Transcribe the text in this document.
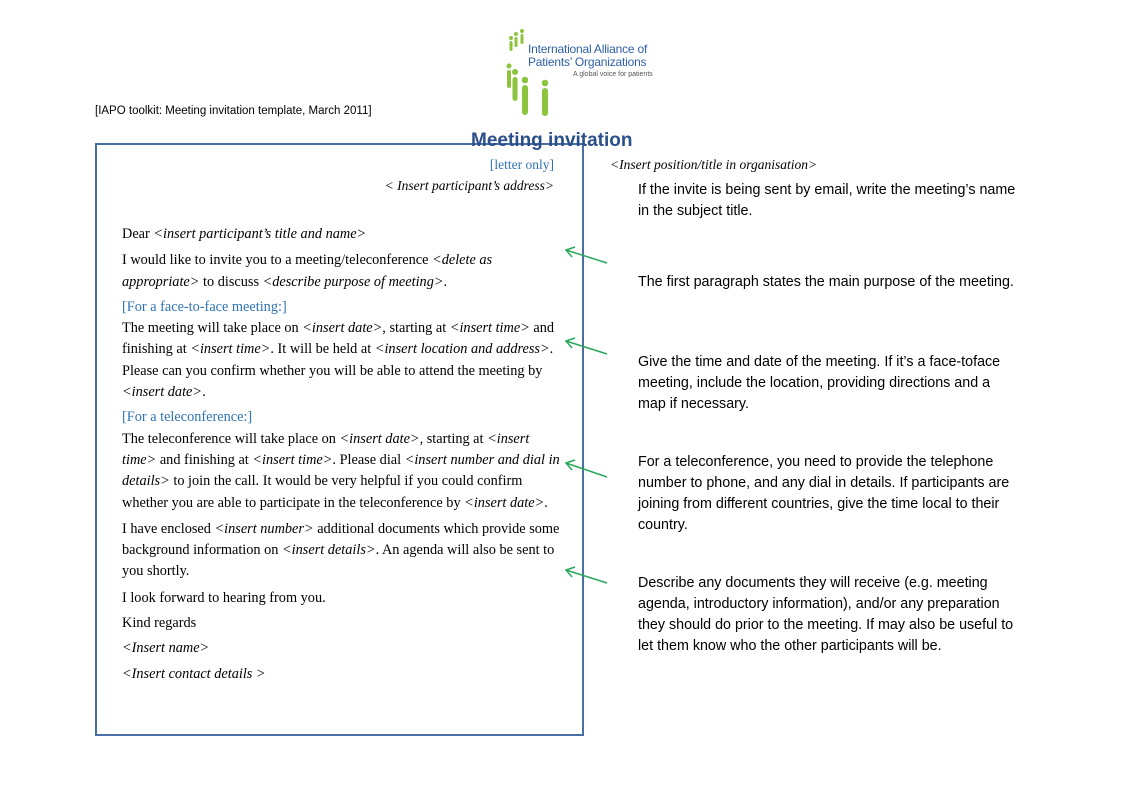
International Alliance of
Patients’ Organizations
A global voice for patients
[IAPO toolkit: Meeting invitation template, March 2011]
Meeting invitation
[letter only]	<Insert position/title in organisation>
< Insert participant’s address>

Dear <insert participant’s title and name>

I would like to invite you to a meeting/teleconference <delete as appropriate> to discuss <describe purpose of meeting>.

[For a face-to-face meeting:]

The meeting will take place on <insert date>, starting at <insert time> and finishing at <insert time>. It will be held at <insert location and address>. Please can you confirm whether you will be able to attend the meeting by <insert date>.

[For a teleconference:]

The teleconference will take place on <insert date>, starting at <insert time> and finishing at <insert time>. Please dial <insert number and dial in details> to join the call. It would be very helpful if you could confirm whether you are able to participate in the teleconference by <insert date>.

I have enclosed <insert number> additional documents which provide some background information on <insert details>. An agenda will also be sent to you shortly.

I look forward to hearing from you.

Kind regards

<Insert name>

<Insert contact details >

If the invite is being sent by email, write the meeting’s name in the subject title.
The first paragraph states the main purpose of the meeting.
Give the time and date of the meeting. If it’s a face-toface meeting, include the location, providing directions and a map if necessary.
For a teleconference, you need to provide the telephone number to phone, and any dial in details. If participants are joining from different countries, give the time local to their country.
Describe any documents they will receive (e.g. meeting agenda, introductory information), and/or any preparation they should do prior to the meeting. If may also be useful to let them know who the other participants will be.
